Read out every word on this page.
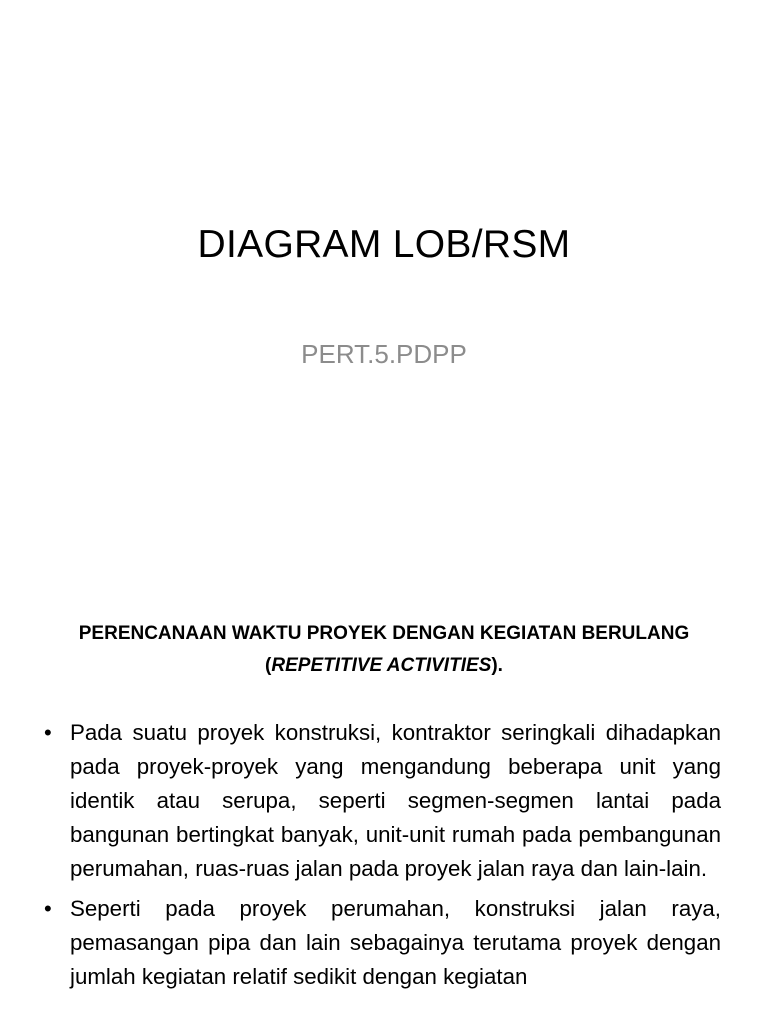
DIAGRAM LOB/RSM
PERT.5.PDPP
PERENCANAAN WAKTU PROYEK DENGAN KEGIATAN BERULANG
(REPETITIVE ACTIVITIES).
• Pada suatu proyek konstruksi, kontraktor seringkali dihadapkan pada proyek-proyek yang mengandung beberapa unit yang identik atau serupa, seperti segmen-segmen lantai pada bangunan bertingkat banyak, unit-unit rumah pada pembangunan perumahan, ruas-ruas jalan pada proyek jalan raya dan lain-lain.
• Seperti pada proyek perumahan, konstruksi jalan raya, pemasangan pipa dan lain sebagainya terutama proyek dengan jumlah kegiatan relatif sedikit dengan kegiatan
